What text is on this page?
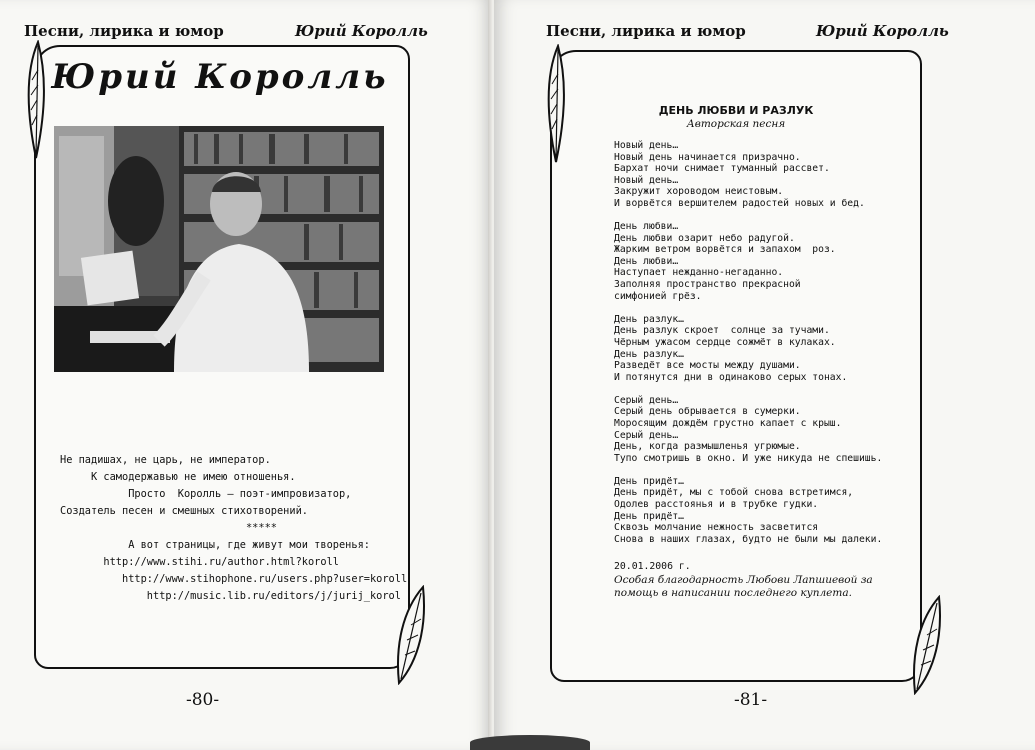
Песни, лирика и юмор	Юрий Королль
Юрий Королль
Не падишах, не царь, не император.
К самодержавью не имею отношенья.
Просто  Королль – поэт-импровизатор,
Создатель песен и смешных стихотворений.
*****
А вот страницы, где живут мои творенья:
http://www.stihi.ru/author.html?koroll
http://www.stihophone.ru/users.php?user=koroll
http://music.lib.ru/editors/j/jurij_korol
-80-
Песни, лирика и юмор	Юрий Королль
ДЕНЬ ЛЮБВИ И РАЗЛУК
Авторская песня
Новый день…
Новый день начинается призрачно.
Бархат ночи снимает туманный рассвет.
Новый день…
Закружит хороводом неистовым.
И ворвётся вершителем радостей новых и бед.
День любви…
День любви озарит небо радугой.
Жарким ветром ворвётся и запахом  роз.
День любви…
Наступает нежданно-негаданно.
Заполняя пространство прекрасной
симфонией грёз.
День разлук…
День разлук скроет  солнце за тучами.
Чёрным ужасом сердце сожмёт в кулаках.
День разлук…
Разведёт все мосты между душами.
И потянутся дни в одинаково серых тонах.
Серый день…
Серый день обрывается в сумерки.
Моросящим дождём грустно капает с крыш.
Серый день…
День, когда размышленья угрюмые.
Тупо смотришь в окно. И уже никуда не спешишь.
День придёт…
День придёт, мы с тобой снова встретимся,
Одолев расстоянья и в трубке гудки.
День придёт…
Сквозь молчание нежность засветится
Снова в наших глазах, будто не были мы далеки.
20.01.2006 г.
Особая благодарность Любови Лапшиевой за помощь в написании последнего куплета.
-81-
